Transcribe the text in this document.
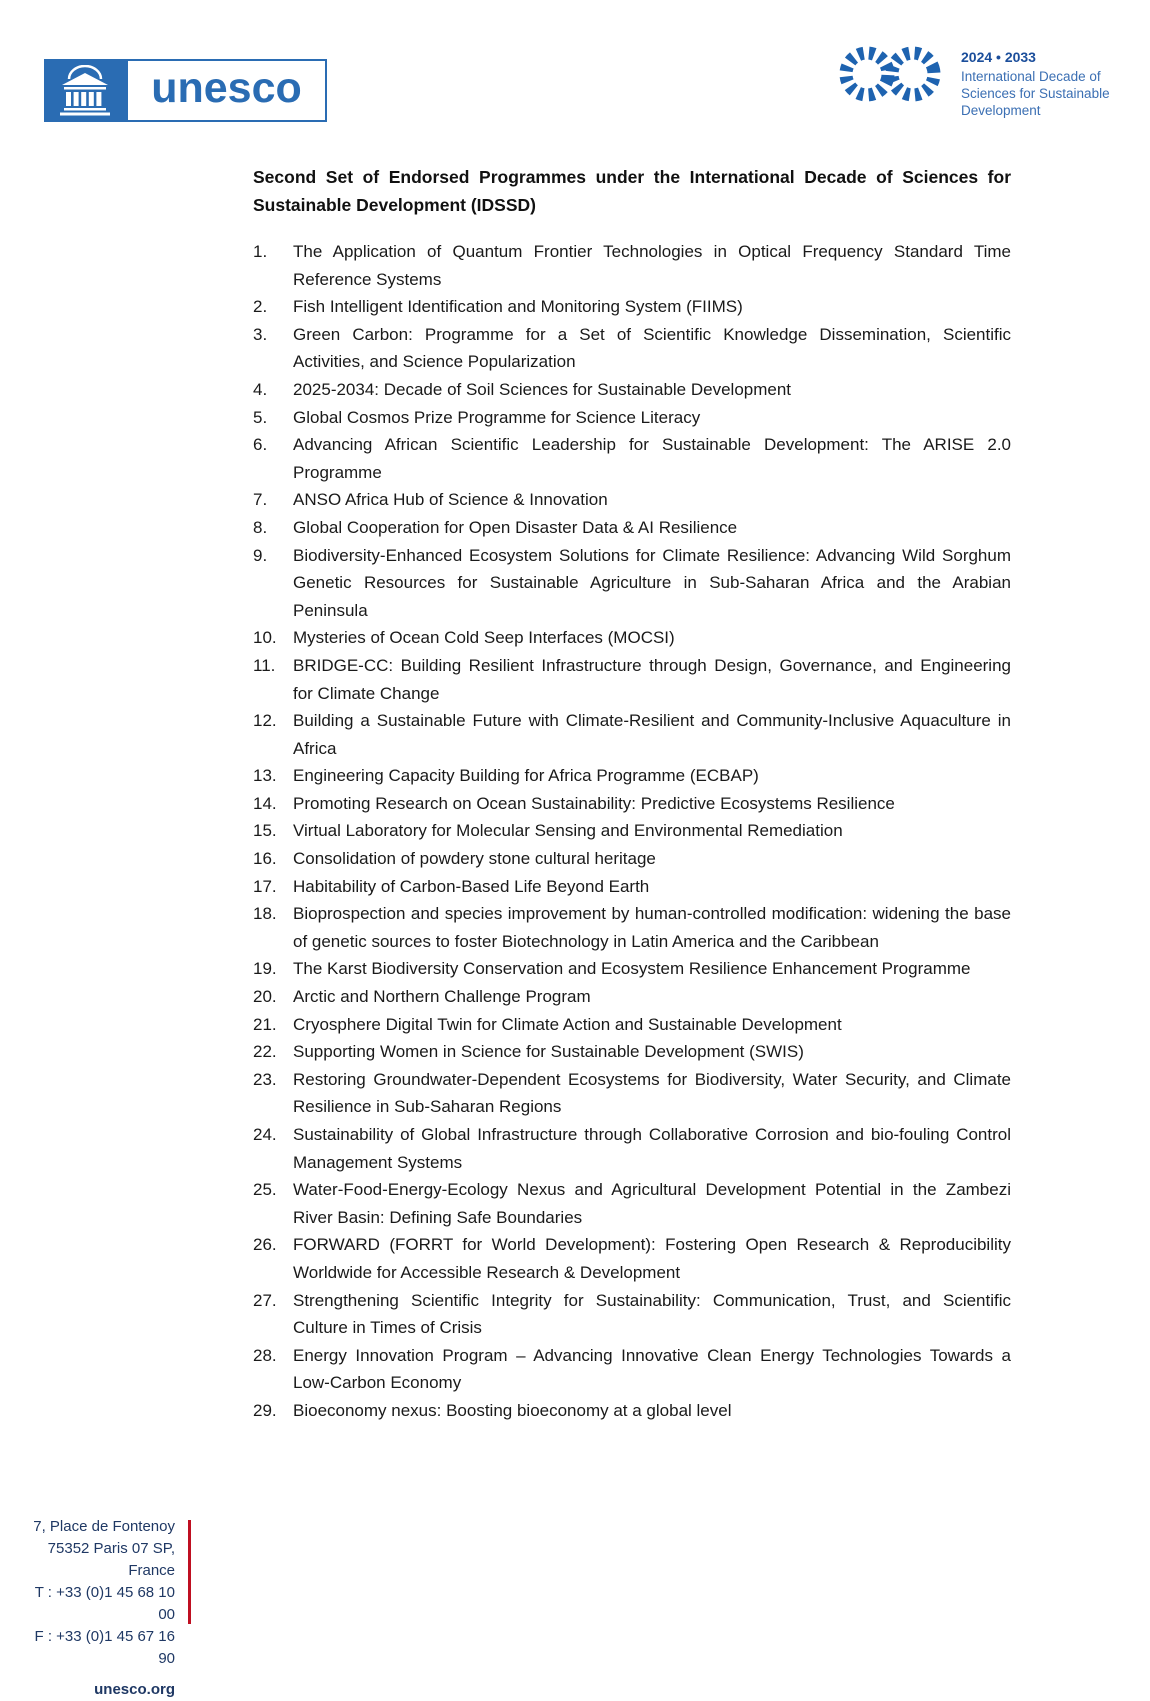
unesco
2024 • 2033
International Decade of
Sciences for Sustainable
Development
Second Set of Endorsed Programmes under the International Decade of Sciences for Sustainable Development (IDSSD)
1. The Application of Quantum Frontier Technologies in Optical Frequency Standard Time Reference Systems
2. Fish Intelligent Identification and Monitoring System (FIIMS)
3. Green Carbon: Programme for a Set of Scientific Knowledge Dissemination, Scientific Activities, and Science Popularization
4. 2025-2034: Decade of Soil Sciences for Sustainable Development
5. Global Cosmos Prize Programme for Science Literacy
6. Advancing African Scientific Leadership for Sustainable Development: The ARISE 2.0 Programme
7. ANSO Africa Hub of Science & Innovation
8. Global Cooperation for Open Disaster Data & AI Resilience
9. Biodiversity-Enhanced Ecosystem Solutions for Climate Resilience: Advancing Wild Sorghum Genetic Resources for Sustainable Agriculture in Sub-Saharan Africa and the Arabian Peninsula
10. Mysteries of Ocean Cold Seep Interfaces (MOCSI)
11. BRIDGE-CC: Building Resilient Infrastructure through Design, Governance, and Engineering for Climate Change
12. Building a Sustainable Future with Climate-Resilient and Community-Inclusive Aquaculture in Africa
13. Engineering Capacity Building for Africa Programme (ECBAP)
14. Promoting Research on Ocean Sustainability: Predictive Ecosystems Resilience
15. Virtual Laboratory for Molecular Sensing and Environmental Remediation
16. Consolidation of powdery stone cultural heritage
17. Habitability of Carbon-Based Life Beyond Earth
18. Bioprospection and species improvement by human-controlled modification: widening the base of genetic sources to foster Biotechnology in Latin America and the Caribbean
19. The Karst Biodiversity Conservation and Ecosystem Resilience Enhancement Programme
20. Arctic and Northern Challenge Program
21. Cryosphere Digital Twin for Climate Action and Sustainable Development
22. Supporting Women in Science for Sustainable Development (SWIS)
23. Restoring Groundwater-Dependent Ecosystems for Biodiversity, Water Security, and Climate Resilience in Sub-Saharan Regions
24. Sustainability of Global Infrastructure through Collaborative Corrosion and bio-fouling Control Management Systems
25. Water-Food-Energy-Ecology Nexus and Agricultural Development Potential in the Zambezi River Basin: Defining Safe Boundaries
26. FORWARD (FORRT for World Development): Fostering Open Research & Reproducibility Worldwide for Accessible Research & Development
27. Strengthening Scientific Integrity for Sustainability: Communication, Trust, and Scientific Culture in Times of Crisis
28. Energy Innovation Program – Advancing Innovative Clean Energy Technologies Towards a Low-Carbon Economy
29. Bioeconomy nexus: Boosting bioeconomy at a global level
7, Place de Fontenoy
75352 Paris 07 SP, France
T : +33 (0)1 45 68 10 00
F : +33 (0)1 45 67 16 90
unesco.org
